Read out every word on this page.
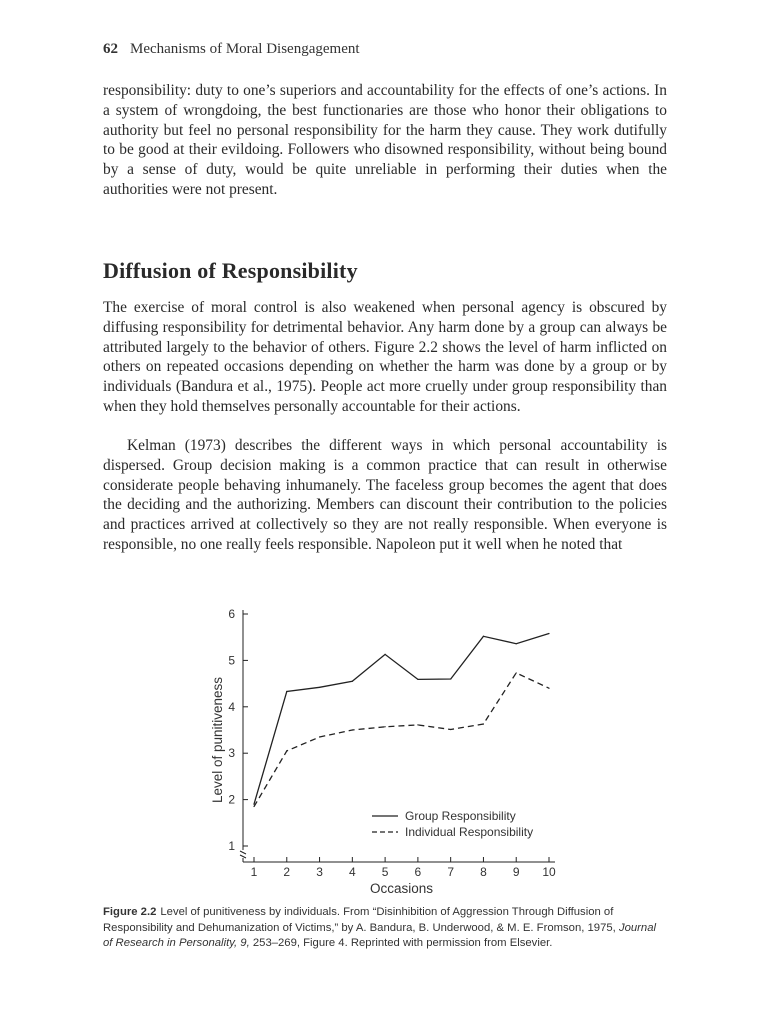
62 Mechanisms of Moral Disengagement
responsibility: duty to one’s superiors and accountability for the effects of one’s actions. In a system of wrongdoing, the best functionaries are those who honor their obligations to authority but feel no personal responsibility for the harm they cause. They work dutifully to be good at their evildoing. Followers who disowned responsibility, without being bound by a sense of duty, would be quite unreliable in performing their duties when the authorities were not present.
Diffusion of Responsibility
The exercise of moral control is also weakened when personal agency is obscured by diffusing responsibility for detrimental behavior. Any harm done by a group can always be attributed largely to the behavior of others. Figure 2.2 shows the level of harm inflicted on others on repeated occasions depending on whether the harm was done by a group or by individuals (Bandura et al., 1975). People act more cruelly under group responsibility than when they hold themselves personally accountable for their actions.
Kelman (1973) describes the different ways in which personal accountability is dispersed. Group decision making is a common practice that can result in otherwise considerate people behaving inhumanely. The faceless group becomes the agent that does the deciding and the authorizing. Members can discount their contribution to the policies and practices arrived at collectively so they are not really responsible. When everyone is responsible, no one really feels responsible. Napoleon put it well when he noted that
1
2
3
4
5
6
1 2 3 4 5 6 7 8 9 10
Occasions
Level of punitiveness
Group Responsibility
Individual Responsibility
Figure 2.2 Level of punitiveness by individuals. From “Disinhibition of Aggression Through Diffusion of Responsibility and Dehumanization of Victims,” by A. Bandura, B. Underwood, & M. E. Fromson, 1975, Journal of Research in Personality, 9, 253–269, Figure 4. Reprinted with permission from Elsevier.
